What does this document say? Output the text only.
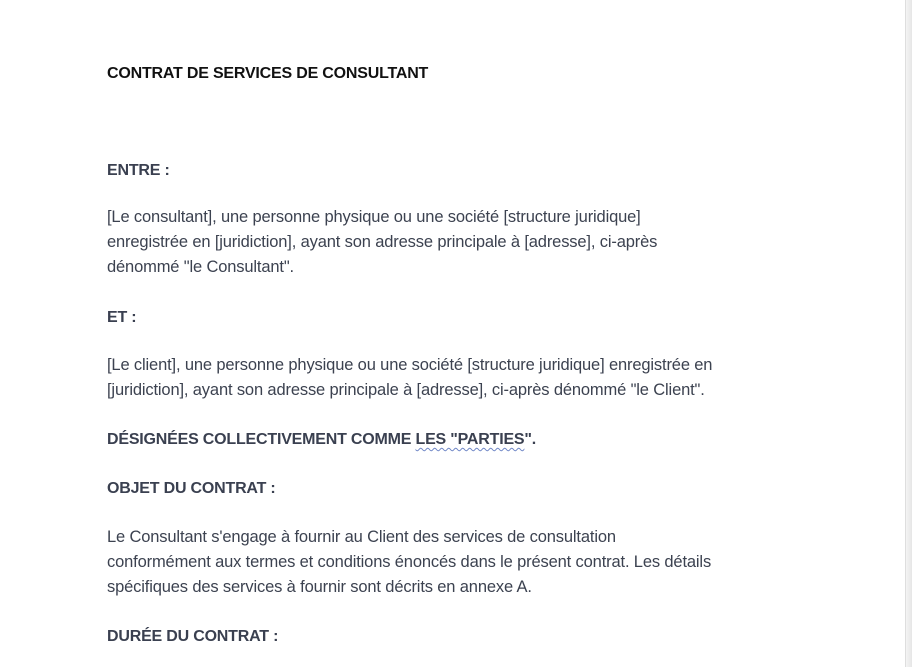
CONTRAT DE SERVICES DE CONSULTANT

ENTRE :

[Le consultant], une personne physique ou une société [structure juridique]

enregistrée en [juridiction], ayant son adresse principale à [adresse], ci-après

dénommé "le Consultant".

ET :

[Le client], une personne physique ou une société [structure juridique] enregistrée en

[juridiction], ayant son adresse principale à [adresse], ci-après dénommé "le Client".

DÉSIGNÉES COLLECTIVEMENT COMME LES "PARTIES".

OBJET DU CONTRAT :

Le Consultant s'engage à fournir au Client des services de consultation

conformément aux termes et conditions énoncés dans le présent contrat. Les détails

spécifiques des services à fournir sont décrits en annexe A.

DURÉE DU CONTRAT :
